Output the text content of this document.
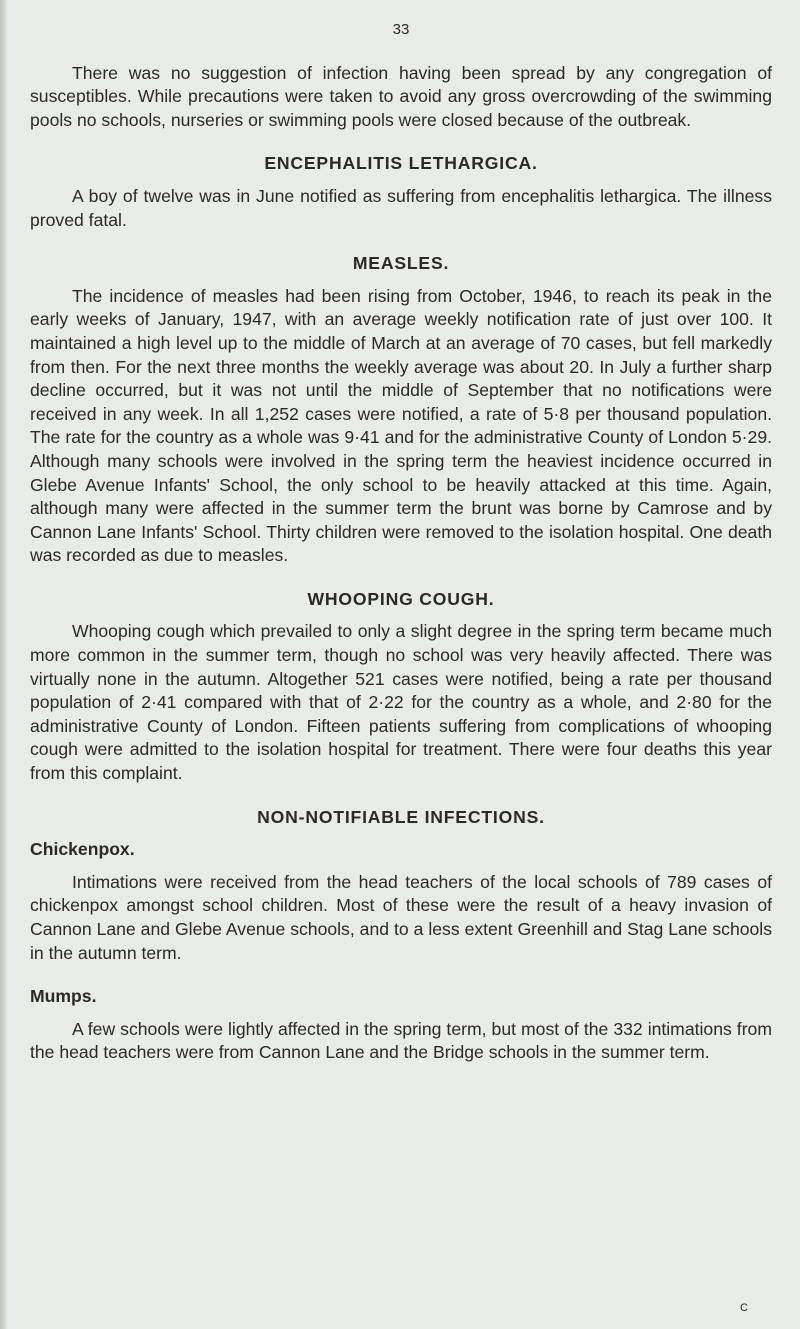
33

There was no suggestion of infection having been spread by any congregation of susceptibles. While precautions were taken to avoid any gross overcrowding of the swimming pools no schools, nurseries or swimming pools were closed because of the outbreak.

ENCEPHALITIS LETHARGICA.

A boy of twelve was in June notified as suffering from encephalitis lethargica. The illness proved fatal.

MEASLES.

The incidence of measles had been rising from October, 1946, to reach its peak in the early weeks of January, 1947, with an average weekly notification rate of just over 100. It maintained a high level up to the middle of March at an average of 70 cases, but fell markedly from then. For the next three months the weekly average was about 20. In July a further sharp decline occurred, but it was not until the middle of September that no notifications were received in any week. In all 1,252 cases were notified, a rate of 5·8 per thousand population. The rate for the country as a whole was 9·41 and for the administrative County of London 5·29. Although many schools were involved in the spring term the heaviest incidence occurred in Glebe Avenue Infants' School, the only school to be heavily attacked at this time. Again, although many were affected in the summer term the brunt was borne by Camrose and by Cannon Lane Infants' School. Thirty children were removed to the isolation hospital. One death was recorded as due to measles.

WHOOPING COUGH.

Whooping cough which prevailed to only a slight degree in the spring term became much more common in the summer term, though no school was very heavily affected. There was virtually none in the autumn. Altogether 521 cases were notified, being a rate per thousand population of 2·41 compared with that of 2·22 for the country as a whole, and 2·80 for the administrative County of London. Fifteen patients suffering from complications of whooping cough were admitted to the isolation hospital for treatment. There were four deaths this year from this complaint.

NON-NOTIFIABLE INFECTIONS.
Chickenpox.

Intimations were received from the head teachers of the local schools of 789 cases of chickenpox amongst school children. Most of these were the result of a heavy invasion of Cannon Lane and Glebe Avenue schools, and to a less extent Greenhill and Stag Lane schools in the autumn term.

Mumps.

A few schools were lightly affected in the spring term, but most of the 332 intimations from the head teachers were from Cannon Lane and the Bridge schools in the summer term.

C
